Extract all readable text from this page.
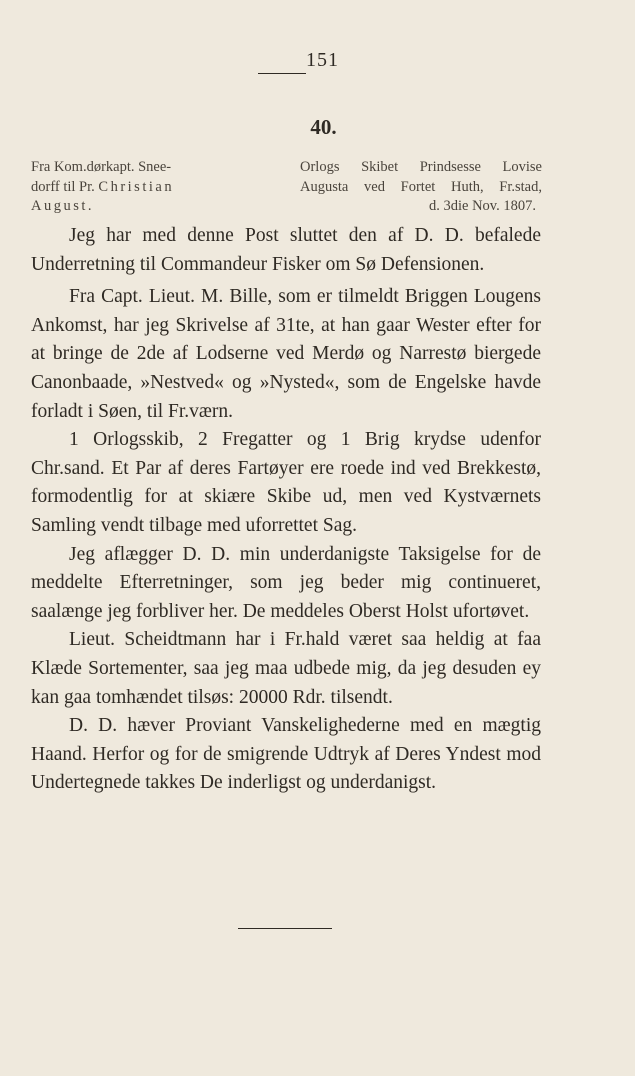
151
40.
Fra Kom.dørkapt. Snee-
dorff til Pr. Christian
August.
Orlogs Skibet Prindsesse Lovise
Augusta ved Fortet Huth, Fr.stad,
d. 3die Nov. 1807.

Jeg har med denne Post sluttet den af D. D. befalede Underretning til Commandeur Fisker om Sø Defensionen.

Fra Capt. Lieut. M. Bille, som er tilmeldt Briggen Lougens Ankomst, har jeg Skrivelse af 31te, at han gaar Wester efter for at bringe de 2de af Lodserne ved Merdø og Narrestø biergede Canonbaade, »Nestved« og »Nysted«, som de Engelske havde forladt i Søen, til Fr.værn.

1 Orlogsskib, 2 Fregatter og 1 Brig krydse udenfor Chr.sand. Et Par af deres Fartøyer ere roede ind ved Brekkestø, formodentlig for at skiære Skibe ud, men ved Kystværnets Samling vendt tilbage med uforrettet Sag.

Jeg aflægger D. D. min underdanigste Taksigelse for de meddelte Efterretninger, som jeg beder mig continueret, saalænge jeg forbliver her. De meddeles Oberst Holst ufortøvet.

Lieut. Scheidtmann har i Fr.hald været saa heldig at faa Klæde Sortementer, saa jeg maa udbede mig, da jeg desuden ey kan gaa tomhændet tilsøs: 20000 Rdr. tilsendt.

D. D. hæver Proviant Vanskelighederne med en mægtig Haand. Herfor og for de smigrende Udtryk af Deres Yndest mod Undertegnede takkes De inderligst og underdanigst.
